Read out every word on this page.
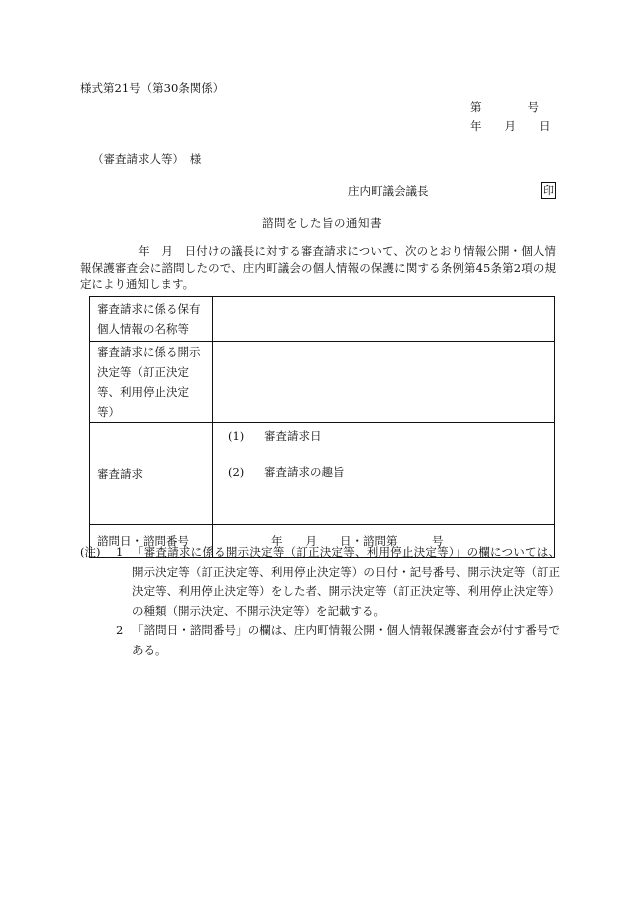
様式第21号（第30条関係）
第　　　　号
年　　月　　日
（審査請求人等）　様
庄内町議会議長	印
諮問をした旨の通知書
　　　　　年　月　日付けの議長に対する審査請求について、次のとおり情報公開・個人情報保護審査会に諮問したので、庄内町議会の個人情報の保護に関する条例第45条第2項の規定により通知します。
審査請求に係る保有個人情報の名称等	
審査請求に係る開示決定等（訂正決定等、利用停止決定等）	
審査請求	(1) 審査請求日
(2) 審査請求の趣旨

諮問日・諮問番号	年　　月　　日・諮問第　　　号
(注)	1 「審査請求に係る開示決定等（訂正決定等、利用停止決定等）」の欄については、開示決定等（訂正決定等、利用停止決定等）の日付・記号番号、開示決定等（訂正決定等、利用停止決定等）をした者、開示決定等（訂正決定等、利用停止決定等）の種類（開示決定、不開示決定等）を記載する。
2 「諮問日・諮問番号」の欄は、庄内町情報公開・個人情報保護審査会が付す番号である。
